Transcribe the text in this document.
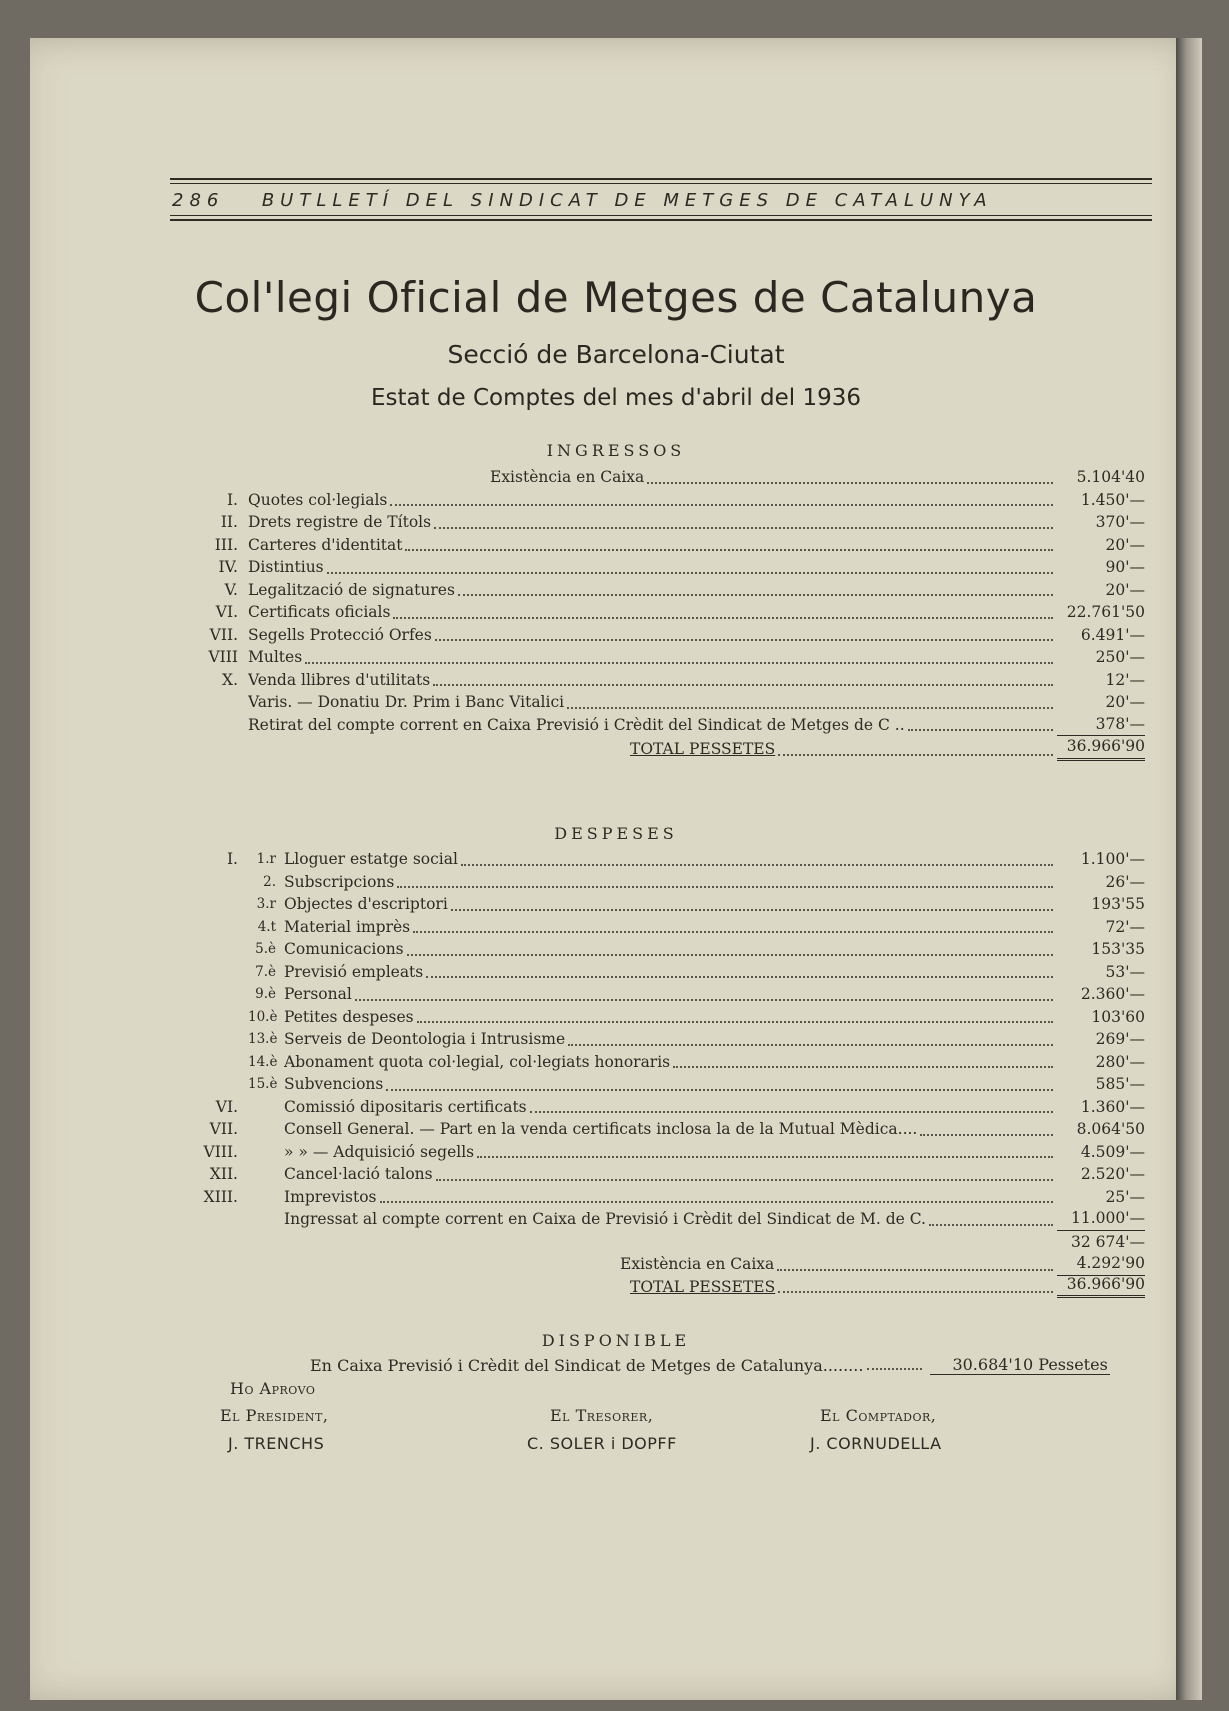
286 BUTLLETÍ DEL SINDICAT DE METGES DE CATALUNYA
Col'legi Oficial de Metges de Catalunya
Secció de Barcelona-Ciutat
Estat de Comptes del mes d'abril del 1936
INGRESSOS
Existència en Caixa	5.104'40
I. Quotes col·legials	1.450'—
II. Drets registre de Títols	370'—
III. Carteres d'identitat	20'—
IV. Distintius	90'—
V. Legalització de signatures	20'—
VI. Certificats oficials	22.761'50
VII. Segells Protecció Orfes	6.491'—
VIII Multes	250'—
X. Venda llibres d'utilitats	12'—
Varis. — Donatiu Dr. Prim i Banc Vitalici	20'—
Retirat del compte corrent en Caixa Previsió i Crèdit del Sindicat de Metges de C ..	378'—
TOTAL PESSETES	36.966'90
DESPESES
I.	1.r Lloguer estatge social	1.100'—
2. Subscripcions	26'—
3.r Objectes d'escriptori	193'55
4.t Material imprès	72'—
5.è Comunicacions	153'35
7.è Previsió empleats	53'—
9.è Personal	2.360'—
10.è Petites despeses	103'60
13.è Serveis de Deontologia i Intrusisme	269'—
14.è Abonament quota col·legial, col·legiats honoraris	280'—
15.è Subvencions	585'—
VI.	Comissió dipositaris certificats	1.360'—
VII.	Consell General. — Part en la venda certificats inclosa la de la Mutual Mèdica....	8.064'50
VIII.	» » — Adquisició segells	4.509'—
XII.	Cancel·lació talons	2.520'—
XIII.	Imprevistos	25'—
Ingressat al compte corrent en Caixa de Previsió i Crèdit del Sindicat de M. de C.	11.000'—
32 674'—
Existència en Caixa	4.292'90
TOTAL PESSETES	36.966'90
DISPONIBLE
En Caixa Previsió i Crèdit del Sindicat de Metges de Catalunya........	30.684'10 Pessetes
Ho Aprovo
El President,
J. TRENCHS
El Tresorer,
C. SOLER i DOPFF
El Comptador,
J. CORNUDELLA
